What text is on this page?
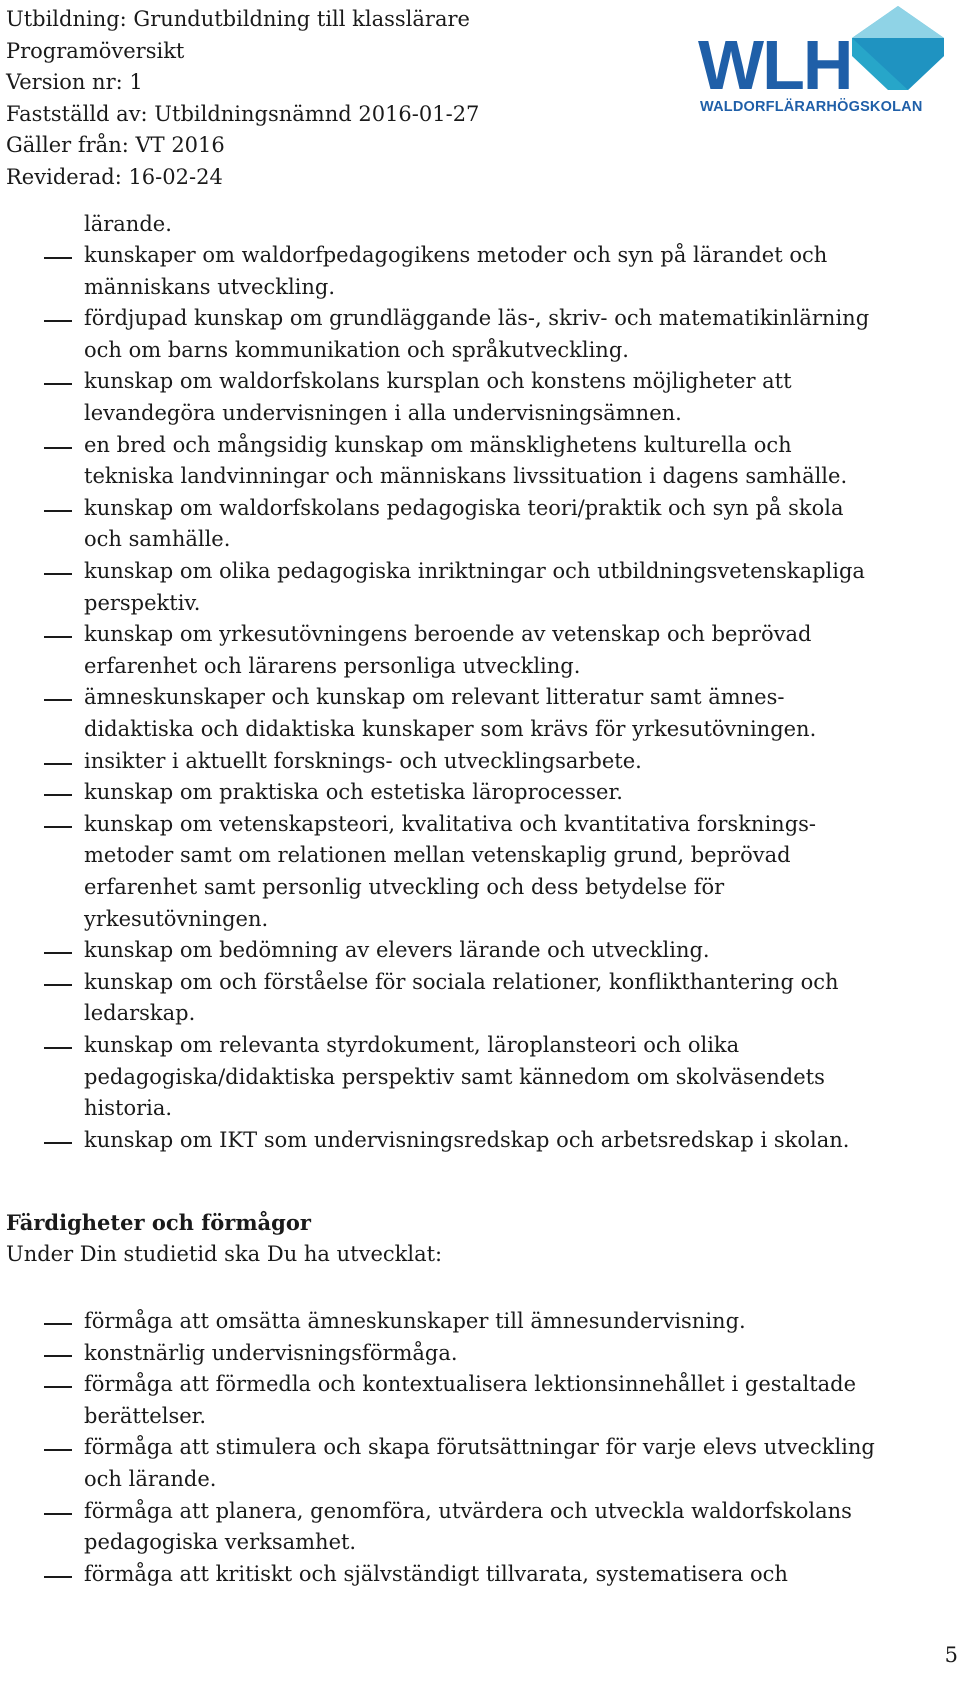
Utbildning: Grundutbildning till klasslärare
Programöversikt
Version nr: 1
Fastställd av: Utbildningsnämnd 2016-01-27
Gäller från: VT 2016
Reviderad: 16-02-24
WLH
WALDORFLÄRARHÖGSKOLAN
lärande.
kunskaper om waldorfpedagogikens metoder och syn på lärandet och
människans utveckling.
fördjupad kunskap om grundläggande läs-, skriv- och matematikinlärning
och om barns kommunikation och språkutveckling.
kunskap om waldorfskolans kursplan och konstens möjligheter att
levandegöra undervisningen i alla undervisningsämnen.
en bred och mångsidig kunskap om mänsklighetens kulturella och
tekniska landvinningar och människans livssituation i dagens samhälle.
kunskap om waldorfskolans pedagogiska teori/praktik och syn på skola
och samhälle.
kunskap om olika pedagogiska inriktningar och utbildningsvetenskapliga
perspektiv.
kunskap om yrkesutövningens beroende av vetenskap och beprövad
erfarenhet och lärarens personliga utveckling.
ämneskunskaper och kunskap om relevant litteratur samt ämnes-
didaktiska och didaktiska kunskaper som krävs för yrkesutövningen.
insikter i aktuellt forsknings- och utvecklingsarbete.
kunskap om praktiska och estetiska läroprocesser.
kunskap om vetenskapsteori, kvalitativa och kvantitativa forsknings-
metoder samt om relationen mellan vetenskaplig grund, beprövad
erfarenhet samt personlig utveckling och dess betydelse för
yrkesutövningen.
kunskap om bedömning av elevers lärande och utveckling.
kunskap om och förståelse för sociala relationer, konflikthantering och
ledarskap.
kunskap om relevanta styrdokument, läroplansteori och olika
pedagogiska/didaktiska perspektiv samt kännedom om skolväsendets
historia.
kunskap om IKT som undervisningsredskap och arbetsredskap i skolan.
Färdigheter och förmågor
Under Din studietid ska Du ha utvecklat:
förmåga att omsätta ämneskunskaper till ämnesundervisning.
konstnärlig undervisningsförmåga.
förmåga att förmedla och kontextualisera lektionsinnehållet i gestaltade
berättelser.
förmåga att stimulera och skapa förutsättningar för varje elevs utveckling
och lärande.
förmåga att planera, genomföra, utvärdera och utveckla waldorfskolans
pedagogiska verksamhet.
förmåga att kritiskt och självständigt tillvarata, systematisera och
5
